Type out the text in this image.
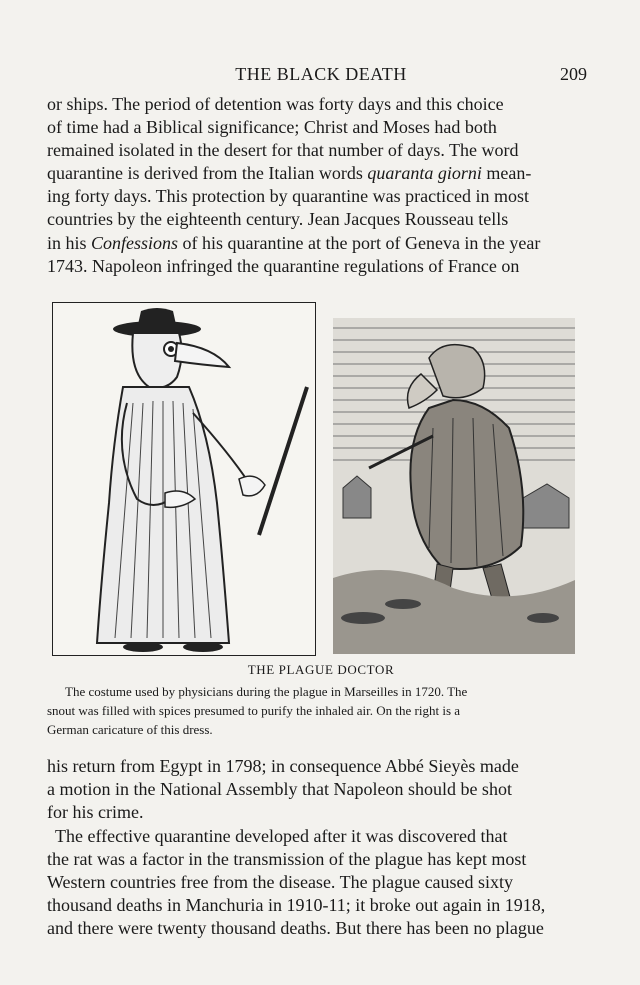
THE BLACK DEATH	209

or ships. The period of detention was forty days and this choice
of time had a Biblical significance; Christ and Moses had both
remained isolated in the desert for that number of days. The word
quarantine is derived from the Italian words quaranta giorni mean-
ing forty days. This protection by quarantine was practiced in most
countries by the eighteenth century. Jean Jacques Rousseau tells
in his Confessions of his quarantine at the port of Geneva in the year
1743. Napoleon infringed the quarantine regulations of France on

THE PLAGUE DOCTOR

The costume used by physicians during the plague in Marseilles in 1720. The
snout was filled with spices presumed to purify the inhaled air. On the right is a
German caricature of this dress.

his return from Egypt in 1798; in consequence Abbé Sieyès made
a motion in the National Assembly that Napoleon should be shot
for his crime.

The effective quarantine developed after it was discovered that
the rat was a factor in the transmission of the plague has kept most
Western countries free from the disease. The plague caused sixty
thousand deaths in Manchuria in 1910-11; it broke out again in 1918,
and there were twenty thousand deaths. But there has been no plague
